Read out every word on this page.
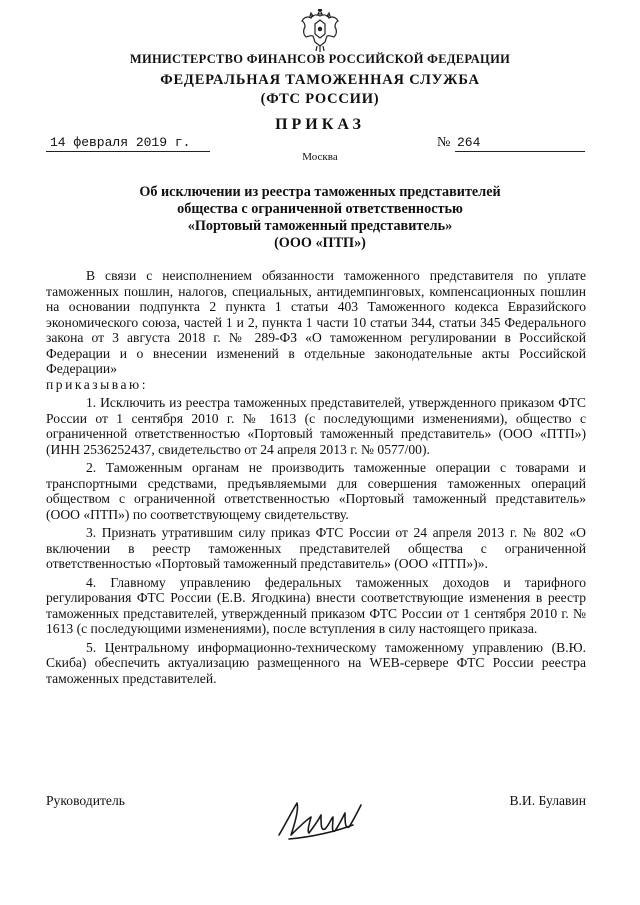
МИНИСТЕРСТВО ФИНАНСОВ РОССИЙСКОЙ ФЕДЕРАЦИИ
ФЕДЕРАЛЬНАЯ ТАМОЖЕННАЯ СЛУЖБА
(ФТС РОССИИ)
ПРИКАЗ
14 февраля 2019 г.	№ 264
Москва
Об исключении из реестра таможенных представителей
общества с ограниченной ответственностью
«Портовый таможенный представитель»
(ООО «ПТП»)

В связи с неисполнением обязанности таможенного представителя по уплате таможенных пошлин, налогов, специальных, антидемпинговых, компенсационных пошлин на основании подпункта 2 пункта 1 статьи 403 Таможенного кодекса Евразийского экономического союза, частей 1 и 2, пункта 1 части 10 статьи 344, статьи 345 Федерального закона от 3 августа 2018 г. № 289-ФЗ «О таможенном регулировании в Российской Федерации и о внесении изменений в отдельные законодательные акты Российской Федерации»

приказываю:

1. Исключить из реестра таможенных представителей, утвержденного приказом ФТС России от 1 сентября 2010 г. № 1613 (с последующими изменениями), общество с ограниченной ответственностью «Портовый таможенный представитель» (ООО «ПТП») (ИНН 2536252437, свидетельство от 24 апреля 2013 г. № 0577/00).

2. Таможенным органам не производить таможенные операции с товарами и транспортными средствами, предъявляемыми для совершения таможенных операций обществом с ограниченной ответственностью «Портовый таможенный представитель» (ООО «ПТП») по соответствующему свидетельству.

3. Признать утратившим силу приказ ФТС России от 24 апреля 2013 г. № 802 «О включении в реестр таможенных представителей общества с ограниченной ответственностью «Портовый таможенный представитель» (ООО «ПТП»)».

4. Главному управлению федеральных таможенных доходов и тарифного регулирования ФТС России (Е.В. Ягодкина) внести соответствующие изменения в реестр таможенных представителей, утвержденный приказом ФТС России от 1 сентября 2010 г. № 1613 (с последующими изменениями), после вступления в силу настоящего приказа.

5. Центральному информационно-техническому таможенному управлению (В.Ю. Скиба) обеспечить актуализацию размещенного на WEB-сервере ФТС России реестра таможенных представителей.

Руководитель	В.И. Булавин
